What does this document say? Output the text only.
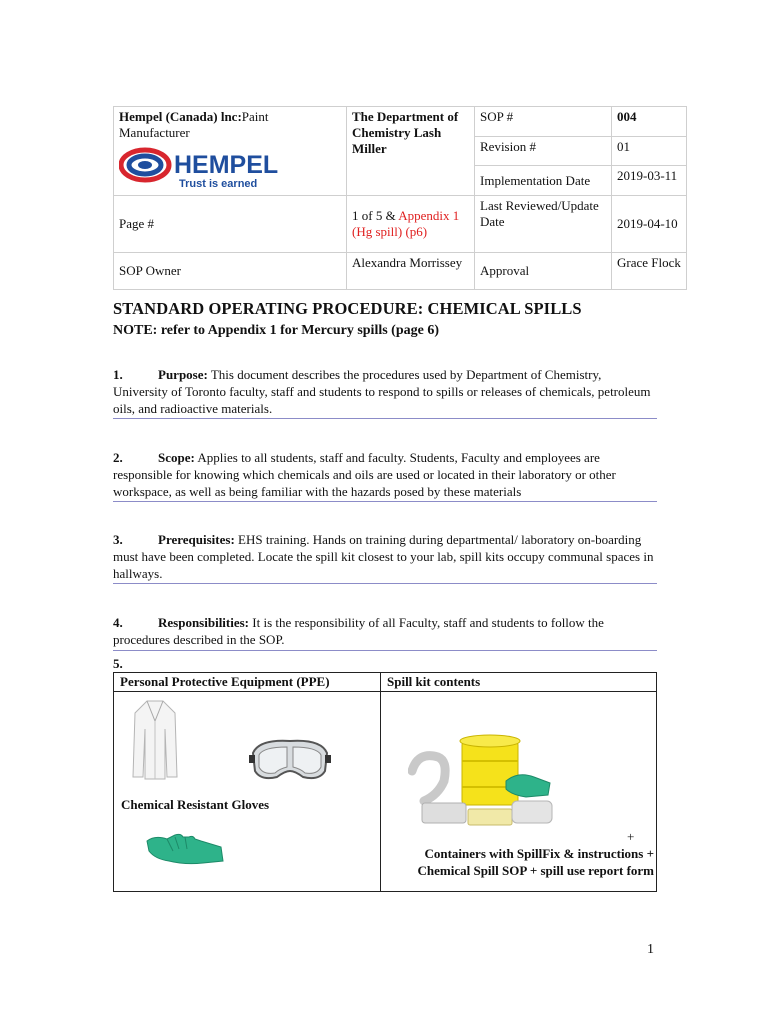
Hempel (Canada) lnc:Paint Manufacturer
HEMPEL
Trust is earned	The Department of Chemistry Lash Miller	SOP #	004
		Revision #	01
		Implementation Date	2019-03-11
Page #	1 of 5 & Appendix 1 (Hg spill) (p6)	Last Reviewed/Update Date	2019-04-10
SOP Owner	Alexandra Morrissey	Approval	Grace Flock
STANDARD OPERATING PROCEDURE: CHEMICAL SPILLS
NOTE: refer to Appendix 1 for Mercury spills (page 6)
1.	Purpose: This document describes the procedures used by Department of Chemistry, University of Toronto faculty, staff and students to respond to spills or releases of chemicals, petroleum oils, and radioactive materials.
2.	Scope: Applies to all students, staff and faculty. Students, Faculty and employees are responsible for knowing which chemicals and oils are used or located in their laboratory or other workspace, as well as being familiar with the hazards posed by these materials
3.	Prerequisites: EHS training. Hands on training during departmental/ laboratory on-boarding must have been completed. Locate the spill kit closest to your lab, spill kits occupy communal spaces in hallways.
4.	Responsibilities: It is the responsibility of all Faculty, staff and students to follow the procedures described in the SOP.
5.
Personal Protective Equipment (PPE)	Spill kit contents

Chemical Resistant Gloves	+
Containers with SpillFix & instructions +
Chemical Spill SOP + spill use report form
1
